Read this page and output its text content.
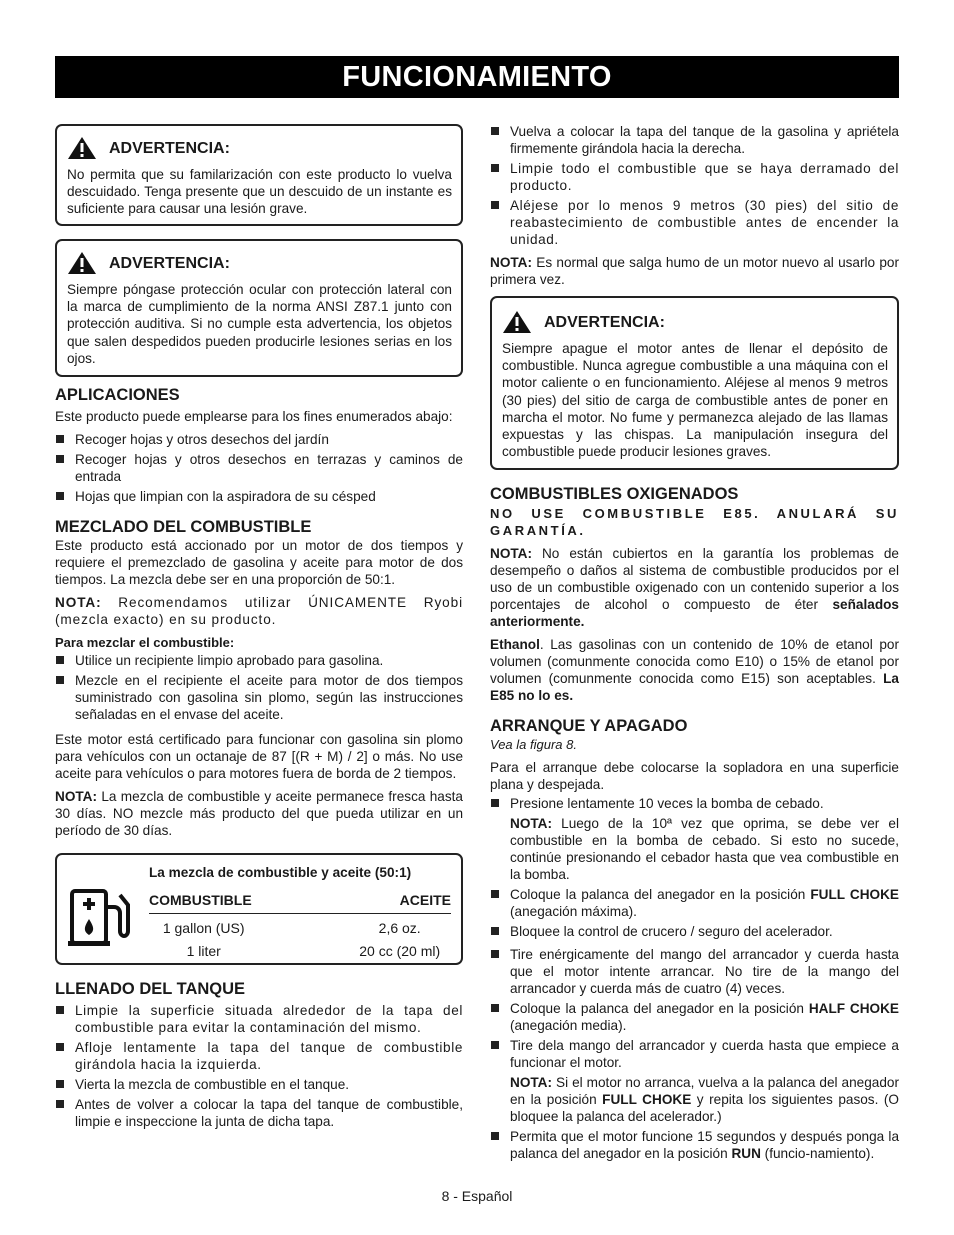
FUNCIONAMIENTO
ADVERTENCIA:
No permita que su familarización con este producto lo vuelva descuidado. Tenga presente que un descuido de un instante es suficiente para causar una lesión grave.
ADVERTENCIA:
Siempre póngase protección ocular con protección lateral con la marca de cumplimiento de la norma ANSI Z87.1 junto con protección auditiva. Si no cumple esta advertencia, los objetos que salen despedidos pueden producirle lesiones serias en los ojos.
APLICACIONES

Este producto puede emplearse para los fines enumerados abajo:

Recoger hojas y otros desechos del jardín
Recoger hojas y otros desechos en terrazas y caminos de entrada
Hojas que limpian con la aspiradora de su césped
MEZCLADO DEL COMBUSTIBLE

Este producto está accionado por un motor de dos tiempos y requiere el premezclado de gasolina y aceite para motor de dos tiempos. La mezcla debe ser en una proporción de 50:1.

NOTA: Recomendamos utilizar ÚNICAMENTE Ryobi (mezcla exacto) en su producto.

Para mezclar el combustible:

Utilice un recipiente limpio aprobado para gasolina.
Mezcle en el recipiente el aceite para motor de dos tiempos suministrado con gasolina sin plomo, según las instrucciones señaladas en el envase del aceite.

Este motor está certificado para funcionar con gasolina sin plomo para vehículos con un octanaje de 87 [(R + M) / 2] o más. No use aceite para vehículos o para motores fuera de borda de 2 tiempos.

NOTA: La mezcla de combustible y aceite permanece fresca hasta 30 días. NO mezcle más producto del que pueda utilizar en un período de 30 días.

La mezcla de combustible y aceite (50:1)
COMBUSTIBLE	ACEITE
1 gallon (US)	2,6 oz.
1 liter	20 cc (20 ml)
LLENADO DEL TANQUE
Limpie la superficie situada alrededor de la tapa del combustible para evitar la contaminación del mismo.
Afloje lentamente la tapa del tanque de combustible girándola hacia la izquierda.
Vierta la mezcla de combustible en el tanque.
Antes de volver a colocar la tapa del tanque de combustible, limpie e inspeccione la junta de dicha tapa.
Vuelva a colocar la tapa del tanque de la gasolina y apriétela firmemente girándola hacia la derecha.
Limpie todo el combustible que se haya derramado del producto.
Aléjese por lo menos 9 metros (30 pies) del sitio de reabastecimiento de combustible antes de encender la unidad.

NOTA: Es normal que salga humo de un motor nuevo al usarlo por primera vez.

ADVERTENCIA:
Siempre apague el motor antes de llenar el depósito de combustible. Nunca agregue combustible a una máquina con el motor caliente o en funcionamiento. Aléjese al menos 9 metros (30 pies) del sitio de carga de combustible antes de poner en marcha el motor. No fume y permanezca alejado de las llamas expuestas y las chispas. La manipulación insegura del combustible puede producir lesiones graves.
COMBUSTIBLES OXIGENADOS

NO USE COMBUSTIBLE E85. ANULARÁ SU GARANTÍA.

NOTA: No están cubiertos en la garantía los problemas de desempeño o daños al sistema de combustible producidos por el uso de un combustible oxigenado con un contenido superior a los porcentajes de alcohol o compuesto de éter señalados anteriormente.

Ethanol. Las gasolinas con un contenido de 10% de etanol por volumen (comunmente conocida como E10) o 15% de etanol por volumen (comunmente conocida como E15) son aceptables. La E85 no lo es.

ARRANQUE Y APAGADO

Vea la figura 8.

Para el arranque debe colocarse la sopladora en una superficie plana y despejada.

Presione lentamente 10 veces la bomba de cebado.
NOTA: Luego de la 10ª vez que oprima, se debe ver el combustible en la bomba de cebado. Si esto no sucede, continúe presionando el cebador hasta que vea combustible en la bomba.
Coloque la palanca del anegador en la posición FULL CHOKE (anegación máxima).
Bloquee la control de crucero / seguro del acelerador.
Tire enérgicamente del mango del arrancador y cuerda hasta que el motor intente arrancar. No tire de la mango del arrancador y cuerda más de cuatro (4) veces.
Coloque la palanca del anegador en la posición HALF CHOKE (anegación media).
Tire dela mango del arrancador y cuerda hasta que empiece a funcionar el motor.
NOTA: Si el motor no arranca, vuelva a la palanca del anegador en la posición FULL CHOKE y repita los siguientes pasos. (O bloquee la palanca del acelerador.)
Permita que el motor funcione 15 segundos y después ponga la palanca del anegador en la posición RUN (funcio-namiento).
8 - Español
